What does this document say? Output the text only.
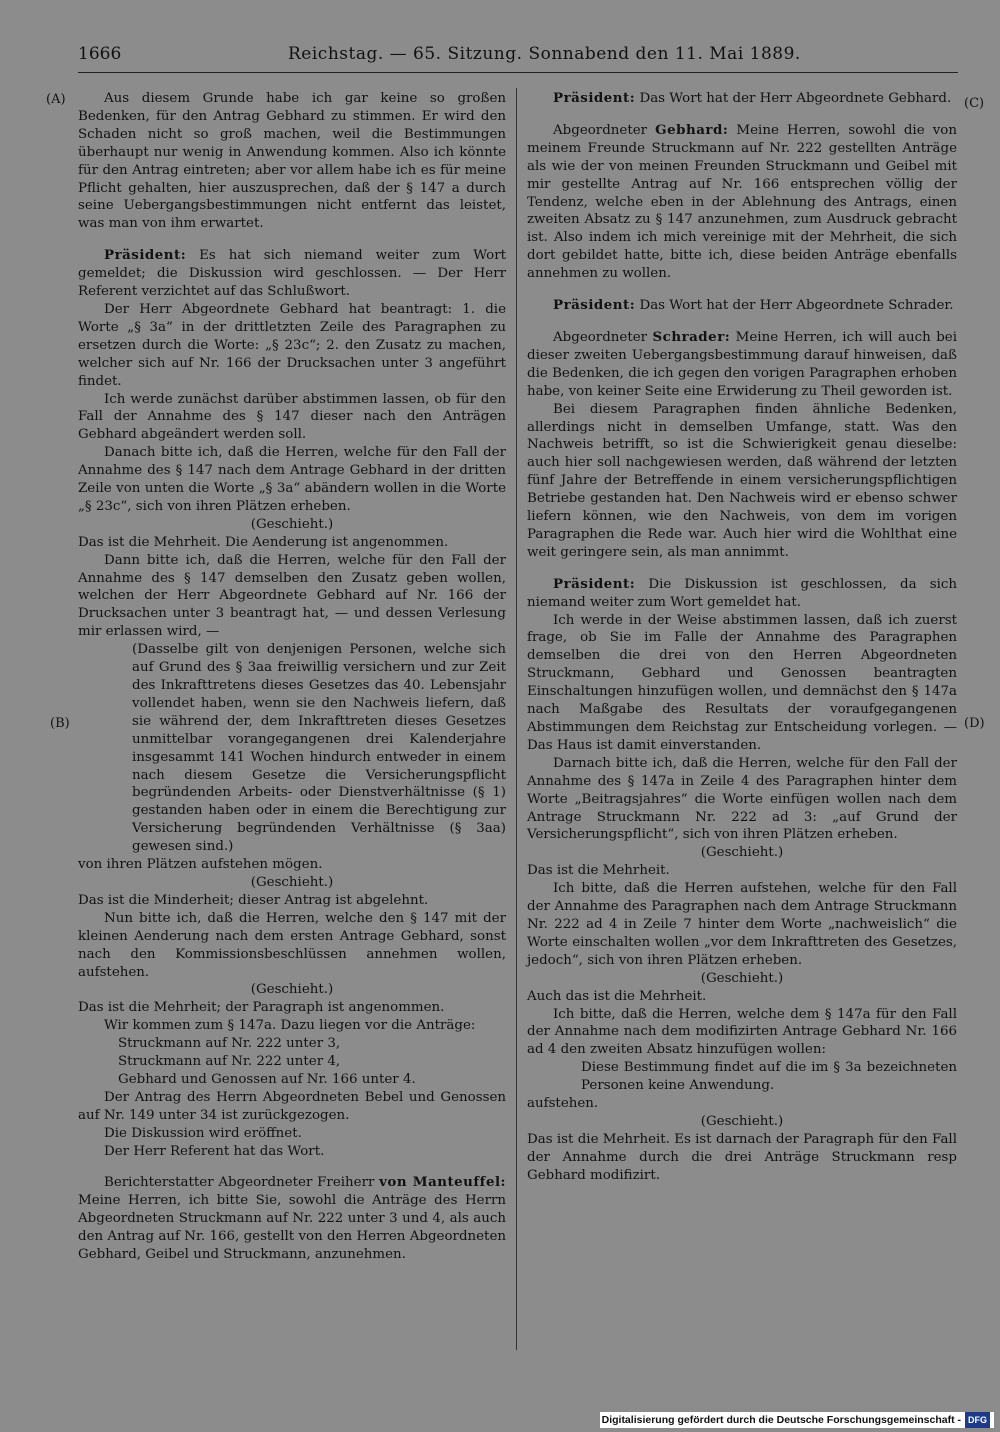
1666	Reichstag. — 65. Sitzung. Sonnabend den 11. Mai 1889.
(A)
(B)
(C)
(D)

Aus diesem Grunde habe ich gar keine so großen Bedenken, für den Antrag Gebhard zu stimmen. Er wird den Schaden nicht so groß machen, weil die Bestimmungen überhaupt nur wenig in Anwendung kommen. Also ich könnte für den Antrag eintreten; aber vor allem habe ich es für meine Pflicht gehalten, hier auszusprechen, daß der § 147 a durch seine Uebergangsbestimmungen nicht entfernt das leistet, was man von ihm erwartet.

Präsident: Es hat sich niemand weiter zum Wort gemeldet; die Diskussion wird geschlossen. — Der Herr Referent verzichtet auf das Schlußwort.

Der Herr Abgeordnete Gebhard hat beantragt: 1. die Worte „§ 3a“ in der drittletzten Zeile des Paragraphen zu ersetzen durch die Worte: „§ 23c“; 2. den Zusatz zu machen, welcher sich auf Nr. 166 der Drucksachen unter 3 angeführt findet.

Ich werde zunächst darüber abstimmen lassen, ob für den Fall der Annahme des § 147 dieser nach den Anträgen Gebhard abgeändert werden soll.

Danach bitte ich, daß die Herren, welche für den Fall der Annahme des § 147 nach dem Antrage Gebhard in der dritten Zeile von unten die Worte „§ 3a“ abändern wollen in die Worte „§ 23c“, sich von ihren Plätzen erheben.

(Geschieht.)

Das ist die Mehrheit. Die Aenderung ist angenommen.

Dann bitte ich, daß die Herren, welche für den Fall der Annahme des § 147 demselben den Zusatz geben wollen, welchen der Herr Abgeordnete Gebhard auf Nr. 166 der Drucksachen unter 3 beantragt hat, — und dessen Verlesung mir erlassen wird, —

(Dasselbe gilt von denjenigen Personen, welche sich auf Grund des § 3aa freiwillig versichern und zur Zeit des Inkrafttretens dieses Gesetzes das 40. Lebensjahr vollendet haben, wenn sie den Nachweis liefern, daß sie während der, dem Inkrafttreten dieses Gesetzes unmittelbar vorangegangenen drei Kalenderjahre insgesammt 141 Wochen hindurch entweder in einem nach diesem Gesetze die Versicherungspflicht begründenden Arbeits- oder Dienstverhältnisse (§ 1) gestanden haben oder in einem die Berechtigung zur Versicherung begründenden Verhältnisse (§ 3aa) gewesen sind.)

von ihren Plätzen aufstehen mögen.

(Geschieht.)

Das ist die Minderheit; dieser Antrag ist abgelehnt.

Nun bitte ich, daß die Herren, welche den § 147 mit der kleinen Aenderung nach dem ersten Antrage Gebhard, sonst nach den Kommissionsbeschlüssen annehmen wollen, aufstehen.

(Geschieht.)

Das ist die Mehrheit; der Paragraph ist angenommen.

Wir kommen zum § 147a. Dazu liegen vor die Anträge:

Struckmann auf Nr. 222 unter 3,

Struckmann auf Nr. 222 unter 4,

Gebhard und Genossen auf Nr. 166 unter 4.

Der Antrag des Herrn Abgeordneten Bebel und Genossen auf Nr. 149 unter 34 ist zurückgezogen.

Die Diskussion wird eröffnet.

Der Herr Referent hat das Wort.

Berichterstatter Abgeordneter Freiherr von Manteuffel: Meine Herren, ich bitte Sie, sowohl die Anträge des Herrn Abgeordneten Struckmann auf Nr. 222 unter 3 und 4, als auch den Antrag auf Nr. 166, gestellt von den Herren Abgeordneten Gebhard, Geibel und Struckmann, anzunehmen.

Präsident: Das Wort hat der Herr Abgeordnete Gebhard.

Abgeordneter Gebhard: Meine Herren, sowohl die von meinem Freunde Struckmann auf Nr. 222 gestellten Anträge als wie der von meinen Freunden Struckmann und Geibel mit mir gestellte Antrag auf Nr. 166 entsprechen völlig der Tendenz, welche eben in der Ablehnung des Antrags, einen zweiten Absatz zu § 147 anzunehmen, zum Ausdruck gebracht ist. Also indem ich mich vereinige mit der Mehrheit, die sich dort gebildet hatte, bitte ich, diese beiden Anträge ebenfalls annehmen zu wollen.

Präsident: Das Wort hat der Herr Abgeordnete Schrader.

Abgeordneter Schrader: Meine Herren, ich will auch bei dieser zweiten Uebergangsbestimmung darauf hinweisen, daß die Bedenken, die ich gegen den vorigen Paragraphen erhoben habe, von keiner Seite eine Erwiderung zu Theil geworden ist.

Bei diesem Paragraphen finden ähnliche Bedenken, allerdings nicht in demselben Umfange, statt. Was den Nachweis betrifft, so ist die Schwierigkeit genau dieselbe: auch hier soll nachgewiesen werden, daß während der letzten fünf Jahre der Betreffende in einem versicherungspflichtigen Betriebe gestanden hat. Den Nachweis wird er ebenso schwer liefern können, wie den Nachweis, von dem im vorigen Paragraphen die Rede war. Auch hier wird die Wohlthat eine weit geringere sein, als man annimmt.

Präsident: Die Diskussion ist geschlossen, da sich niemand weiter zum Wort gemeldet hat.

Ich werde in der Weise abstimmen lassen, daß ich zuerst frage, ob Sie im Falle der Annahme des Paragraphen demselben die drei von den Herren Abgeordneten Struckmann, Gebhard und Genossen beantragten Einschaltungen hinzufügen wollen, und demnächst den § 147a nach Maßgabe des Resultats der voraufgegangenen Abstimmungen dem Reichstag zur Entscheidung vorlegen. — Das Haus ist damit einverstanden.

Darnach bitte ich, daß die Herren, welche für den Fall der Annahme des § 147a in Zeile 4 des Paragraphen hinter dem Worte „Beitragsjahres“ die Worte einfügen wollen nach dem Antrage Struckmann Nr. 222 ad 3: „auf Grund der Versicherungspflicht“, sich von ihren Plätzen erheben.

(Geschieht.)

Das ist die Mehrheit.

Ich bitte, daß die Herren aufstehen, welche für den Fall der Annahme des Paragraphen nach dem Antrage Struckmann Nr. 222 ad 4 in Zeile 7 hinter dem Worte „nachweislich“ die Worte einschalten wollen „vor dem Inkrafttreten des Gesetzes, jedoch“, sich von ihren Plätzen erheben.

(Geschieht.)

Auch das ist die Mehrheit.

Ich bitte, daß die Herren, welche dem § 147a für den Fall der Annahme nach dem modifizirten Antrage Gebhard Nr. 166 ad 4 den zweiten Absatz hinzufügen wollen:

Diese Bestimmung findet auf die im § 3a bezeichneten Personen keine Anwendung.

aufstehen.

(Geschieht.)

Das ist die Mehrheit. Es ist darnach der Paragraph für den Fall der Annahme durch die drei Anträge Struckmann resp Gebhard modifizirt.

Digitalisierung gefördert durch die Deutsche Forschungsgemeinschaft - DFG
